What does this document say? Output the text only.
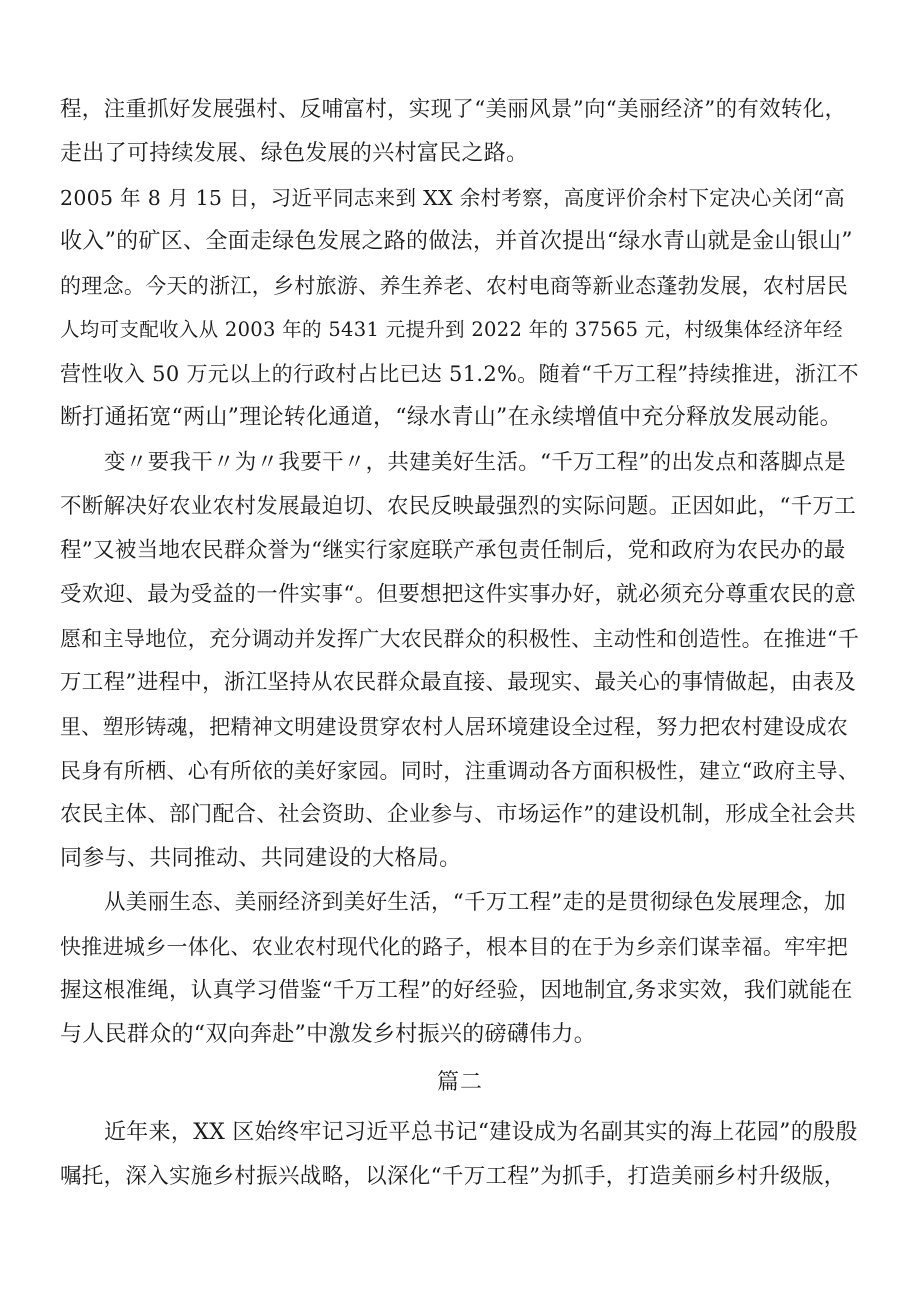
程，注重抓好发展强村、反哺富村，实现了“美丽风景”向“美丽经济”的有效转化，
走出了可持续发展、绿色发展的兴村富民之路。
2005 年 8 月 15 日，习近平同志来到 XX 余村考察，高度评价余村下定决心关闭“高
收入”的矿区、全面走绿色发展之路的做法，并首次提出“绿水青山就是金山银山”
的理念。今天的浙江，乡村旅游、养生养老、农村电商等新业态蓬勃发展，农村居民
人均可支配收入从 2003 年的 5431 元提升到 2022 年的 37565 元，村级集体经济年经
营性收入 50 万元以上的行政村占比已达 51.2%。随着“千万工程”持续推进，浙江不
断打通拓宽“两山”理论转化通道，“绿水青山”在永续增值中充分释放发展动能。
变〃要我干〃为〃我要干〃，共建美好生活。“千万工程”的出发点和落脚点是
不断解决好农业农村发展最迫切、农民反映最强烈的实际问题。正因如此，“千万工
程”又被当地农民群众誉为“继实行家庭联产承包责任制后，党和政府为农民办的最
受欢迎、最为受益的一件实事“。但要想把这件实事办好，就必须充分尊重农民的意
愿和主导地位，充分调动并发挥广大农民群众的积极性、主动性和创造性。在推进“千
万工程”进程中，浙江坚持从农民群众最直接、最现实、最关心的事情做起，由表及
里、塑形铸魂，把精神文明建设贯穿农村人居环境建设全过程，努力把农村建设成农
民身有所栖、心有所依的美好家园。同时，注重调动各方面积极性，建立“政府主导、
农民主体、部门配合、社会资助、企业参与、市场运作”的建设机制，形成全社会共
同参与、共同推动、共同建设的大格局。
从美丽生态、美丽经济到美好生活，“千万工程”走的是贯彻绿色发展理念，加
快推进城乡一体化、农业农村现代化的路子，根本目的在于为乡亲们谋幸福。牢牢把
握这根准绳，认真学习借鉴“千万工程”的好经验，因地制宜,务求实效，我们就能在
与人民群众的“双向奔赴”中激发乡村振兴的磅礴伟力。
篇二
近年来，XX 区始终牢记习近平总书记“建设成为名副其实的海上花园”的殷殷
嘱托，深入实施乡村振兴战略，以深化“千万工程”为抓手，打造美丽乡村升级版，
